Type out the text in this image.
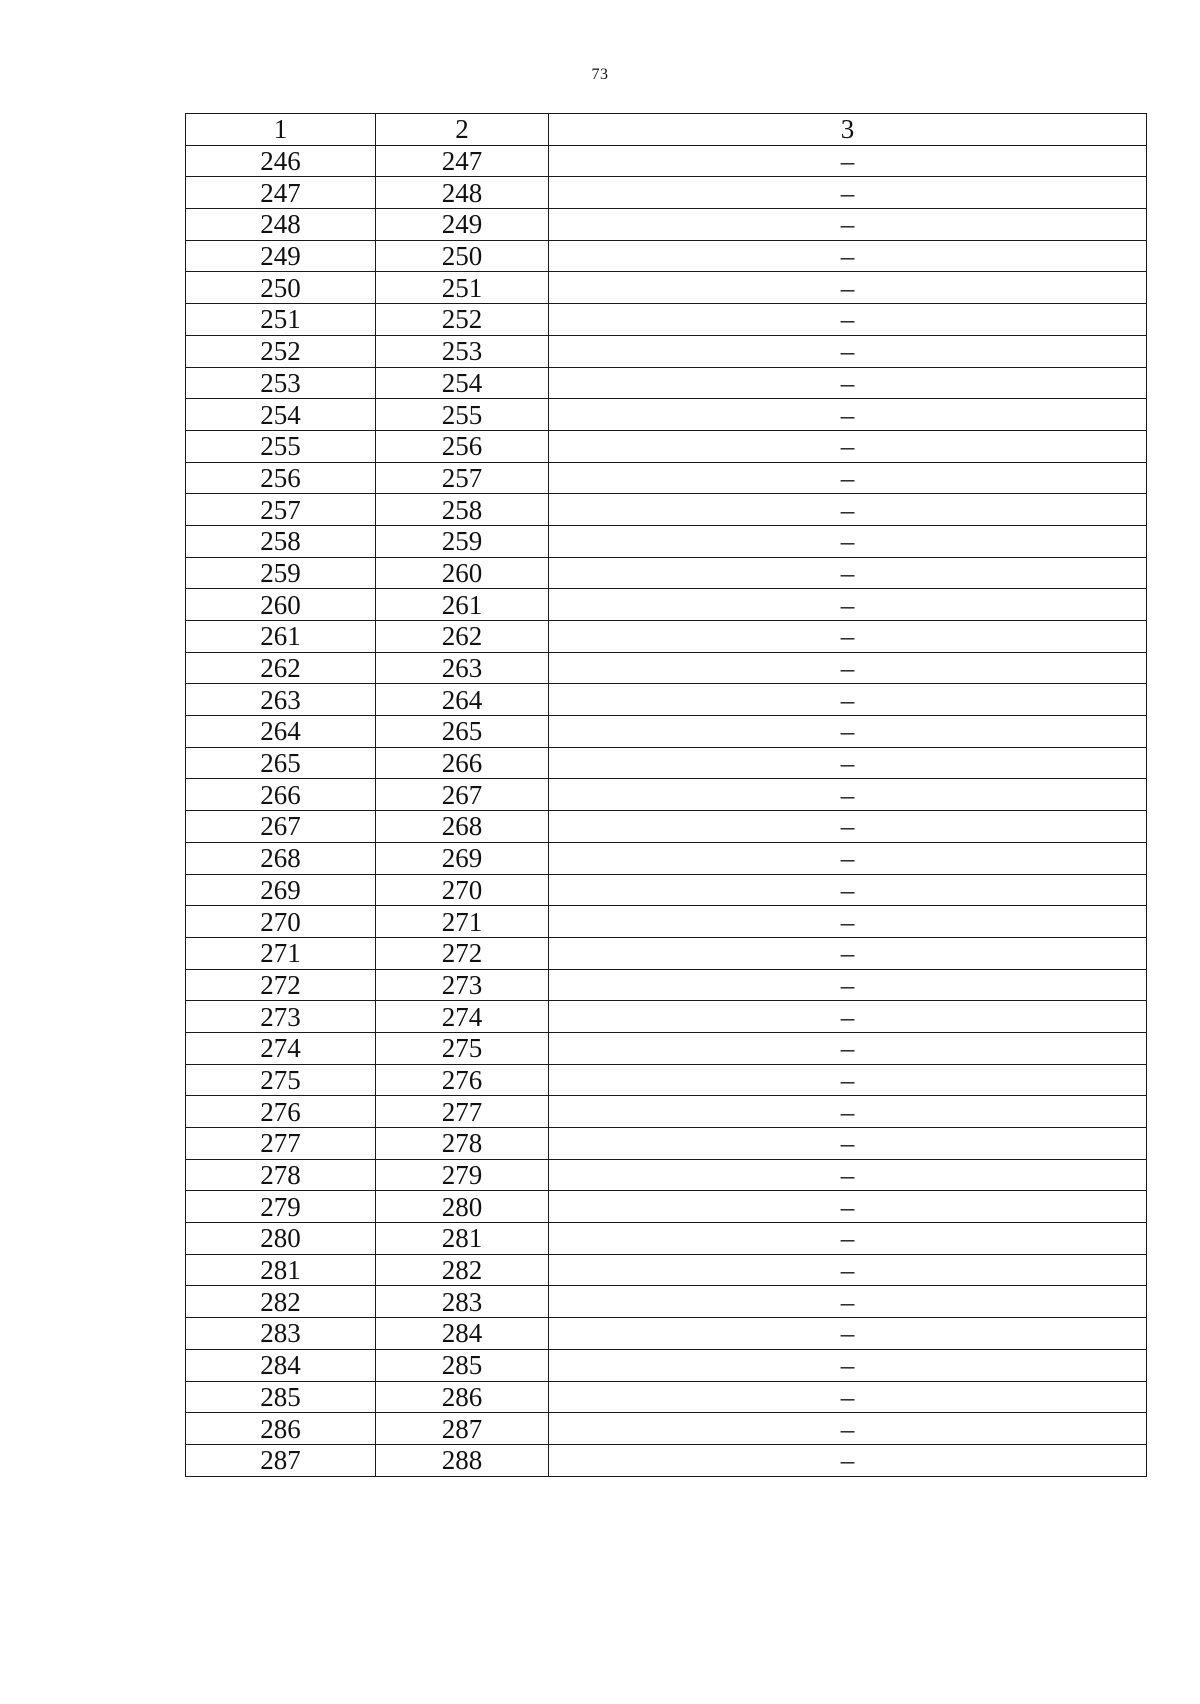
73
1	2	3
246	247	–
247	248	–
248	249	–
249	250	–
250	251	–
251	252	–
252	253	–
253	254	–
254	255	–
255	256	–
256	257	–
257	258	–
258	259	–
259	260	–
260	261	–
261	262	–
262	263	–
263	264	–
264	265	–
265	266	–
266	267	–
267	268	–
268	269	–
269	270	–
270	271	–
271	272	–
272	273	–
273	274	–
274	275	–
275	276	–
276	277	–
277	278	–
278	279	–
279	280	–
280	281	–
281	282	–
282	283	–
283	284	–
284	285	–
285	286	–
286	287	–
287	288	–
